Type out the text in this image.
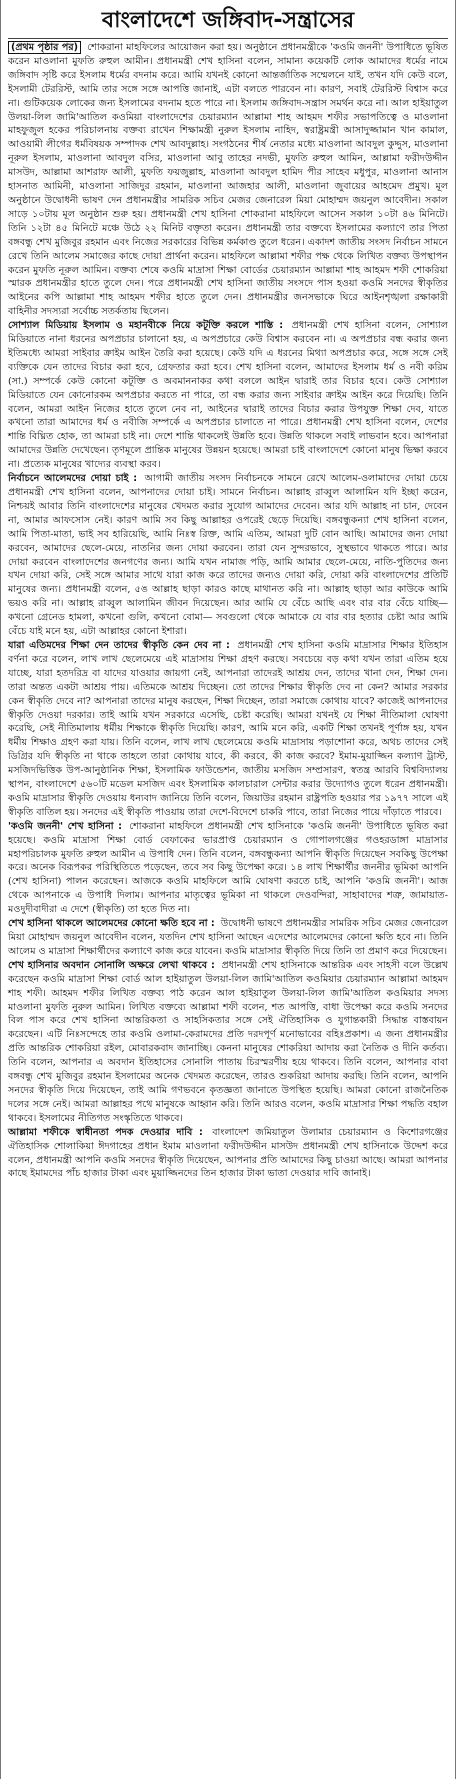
বাংলাদেশে জঙ্গিবাদ-সন্ত্রাসের

(প্রথম পৃষ্ঠার পর) শোকরানা মাহফিলের আয়োজন করা হয়। অনুষ্ঠানে প্রধানমন্ত্রীকে 'কওমি জননী' উপাধিতে ভূষিত করেন মাওলানা মুফতি রুহুল আমীন। প্রধানমন্ত্রী শেখ হাসিনা বলেন, সামান্য কয়েকটি লোক আমাদের ধর্মের নামে জঙ্গিবাদ সৃষ্টি করে ইসলাম ধর্মের বদনাম করে। আমি যখনই কোনো আন্তর্জাতিক সম্মেলনে যাই, তখন যদি কেউ বলে, ইসলামী টেররিস্ট, আমি তার সঙ্গে সঙ্গে আপত্তি জানাই, এটা বলতে পারবেন না। কারণ, সবাই টেররিস্ট বিশ্বাস করে না। গুটিকয়েক লোকের জন্য ইসলামের বদনাম হতে পারে না। ইসলাম জঙ্গিবাদ-সন্ত্রাস সমর্থন করে না। আল হাইয়াতুল উলয়া-লিল জামি'আতিল কওমিয়া বাংলাদেশের চেয়ারম্যান আল্লামা শাহ আহমদ শফীর সভাপতিত্বে ও মাওলানা মাহফুজুল হকের পরিচালনায় বক্তব্য রাখেন শিক্ষামন্ত্রী নুরুল ইসলাম নাহিদ, স্বরাষ্ট্রমন্ত্রী আসাদুজ্জামান খান কামাল, আওয়ামী লীগের ধর্মবিষয়ক সম্পাদক শেখ আবদুল্লাহ। সংগঠনের শীর্ষ নেতার মধ্যে মাওলানা আবদুল কুদ্দুস, মাওলানা নূরুল ইসলাম, মাওলানা আবদুল বসির, মাওলানা আবু তাহের নদভী, মুফতি রুহুল আমিন, আল্লামা ফরীদউদ্দীন মাসউদ, আল্লামা আশরাফ আলী, মুফতি ফয়জুল্লাহ, মাওলানা আবদুল হামিদ পীর সাহেব মধুপুর, মাওলানা আনাস হাসনাত আমিনী, মাওলানা সাজিদুর রহমান, মাওলানা আজহার আলী, মাওলানা জুবায়ের আহমেদ প্রমুখ। মূল অনুষ্ঠানে উদ্বোধনী ভাষণ দেন প্রধানমন্ত্রীর সামরিক সচিব মেজর জেনারেল মিয়া মোহাম্মদ জয়নুল আবেদীন। সকাল সাড়ে ১০টায় মূল অনুষ্ঠান শুরু হয়। প্রধানমন্ত্রী শেখ হাসিনা শোকরানা মাহফিলে আসেন সকাল ১০টা ৪৬ মিনিটে। তিনি ১২টা ৪৫ মিনিটে মঞ্চে উঠে ২২ মিনিট বক্তৃতা করেন। প্রধানমন্ত্রী তার বক্তব্যে ইসলামের কল্যাণে তার পিতা বঙ্গবন্ধু শেখ মুজিবুর রহমান এবং নিজের সরকারের বিভিন্ন কর্মকাণ্ড তুলে ধরেন। একাদশ জাতীয় সংসদ নির্বাচন সামনে রেখে তিনি আলেম সমাজের কাছে দোয়া প্রার্থনা করেন। মাহফিলে আল্লামা শফীর পক্ষ থেকে লিখিত বক্তব্য উপস্থাপন করেন মুফতি নূরুল আমিন। বক্তব্য শেষে কওমি মাদ্রাসা শিক্ষা বোর্ডের চেয়ারম্যান আল্লামা শাহ আহমদ শফী শোকরিয়া স্মারক প্রধানমন্ত্রীর হাতে তুলে দেন। পরে প্রধানমন্ত্রী শেখ হাসিনা জাতীয় সংসদে পাস হওয়া কওমি সনদের স্বীকৃতির আইনের কপি আল্লামা শাহ আহমদ শফীর হাতে তুলে দেন। প্রধানমন্ত্রীর জনসভাকে ঘিরে আইনশৃঙ্খলা রক্ষাকারী বাহিনীর সদস্যরা সর্বোচ্চ সতর্কতায় ছিলেন।

সোশ্যাল মিডিয়ায় ইসলাম ও মহানবীকে নিয়ে কটূক্তি করলে শাস্তি : প্রধানমন্ত্রী শেখ হাসিনা বলেন, সোশ্যাল মিডিয়াতে নানা ধরনের অপপ্রচার চালানো হয়, এ অপপ্রচারে কেউ বিশ্বাস করবেন না। এ অপপ্রচার বন্ধ করার জন্য ইতিমধ্যে আমরা সাইবার ক্রাইম আইন তৈরি করা হয়েছে। কেউ যদি এ ধরনের মিথ্যা অপপ্রচার করে, সঙ্গে সঙ্গে সেই ব্যক্তিকে যেন তাদের বিচার করা হবে, গ্রেফতার করা হবে। শেখ হাসিনা বলেন, আমাদের ইসলাম ধর্ম ও নবী করিম (সা.) সম্পর্কে কেউ কোনো কটূক্তি ও অবমাননাকর কথা বললে আইন দ্বারাই তার বিচার হবে। কেউ সোশ্যাল মিডিয়াতে যেন কোনোরকম অপপ্রচার করতে না পারে, তা বন্ধ করার জন্য সাইবার ক্রাইম আইন করে দিয়েছি। তিনি বলেন, আমরা আইন নিজের হাতে তুলে নেব না, আইনের দ্বারাই তাদের বিচার করার উপযুক্ত শিক্ষা দেব, যাতে কখনো তারা আমাদের ধর্ম ও নবীজি সম্পর্কে এ অপপ্রচার চালাতে না পারে। প্রধানমন্ত্রী শেখ হাসিনা বলেন, দেশের শান্তি বিঘ্নিত হোক, তা আমরা চাই না। দেশে শান্তি থাকলেই উন্নতি হবে। উন্নতি থাকলে সবাই লাভবান হবে। আপনারা আমাদের উন্নতি দেখেছেন। তৃণমূলে প্রান্তিক মানুষের উন্নয়ন হয়েছে। আমরা চাই বাংলাদেশে কোনো মানুষ ভিক্ষা করবে না। প্রত্যেক মানুষের খাদ্যের ব্যবস্থা করব।

নির্বাচনে আলেমদের দোয়া চাই : আগামী জাতীয় সংসদ নির্বাচনকে সামনে রেখে আলেম-ওলামাদের দোয়া চেয়ে প্রধানমন্ত্রী শেখ হাসিনা বলেন, আপনাদের দোয়া চাই। সামনে নির্বাচন। আল্লাহ রাব্বুল আলামিন যদি ইচ্ছা করেন, নিশ্চয়ই আবার তিনি বাংলাদেশের মানুষের খেদমত করার সুযোগ আমাদের দেবেন। আর যদি আল্লাহ না চান, দেবেন না, আমার আফসোস নেই। কারণ আমি সব কিছু আল্লাহর ওপরেই ছেড়ে দিয়েছি। বঙ্গবন্ধুকন্যা শেখ হাসিনা বলেন, আমি পিতা-মাতা, ভাই সব হারিয়েছি, আমি নিঃস্ব রিক্ত, আমি এতিম, আমরা দুটি বোন আছি। আমাদের জন্য দোয়া করবেন, আমাদের ছেলে-মেয়ে, নাতনির জন্য দোয়া করবেন। তারা যেন সুন্দরভাবে, সুস্থভাবে থাকতে পারে। আর দোয়া করবেন বাংলাদেশের জনগণের জন্য। আমি যখন নামাজ পড়ি, আমি আমার ছেলে-মেয়ে, নাতি-পুতিদের জন্য যখন দোয়া করি, সেই সঙ্গে আমার সাথে যারা কাজ করে তাদের জন্যও দোয়া করি, দোয়া করি বাংলাদেশের প্রতিটি মানুষের জন্য। প্রধানমন্ত্রী বলেন, ৫ঙ আল্লাহ ছাড়া কারও কাছে মাথানত করি না। আল্লাহ ছাড়া আর কাউকে আমি ভয়ও করি না। আল্লাহ রাব্বুল আলামিন জীবন দিয়েছেন। আর আমি যে বেঁচে আছি এবং বার বার বেঁচে যাচ্ছি— কখনো গ্রেনেড হামলা, কখনো গুলি, কখনো বোমা— সবগুলো থেকে আমাকে যে বার বার হত্যার চেষ্টা আর আমি বেঁচে যাই মনে হয়, এটা আল্লাহর কোনো ইশারা।

যারা এতিমদের শিক্ষা দেন তাদের স্বীকৃতি কেন দেব না : প্রধানমন্ত্রী শেখ হাসিনা কওমি মাদ্রাসার শিক্ষার ইতিহাস বর্ণনা করে বলেন, লাখ লাখ ছেলেমেয়ে এই মাদ্রাসায় শিক্ষা গ্রহণ করছে। সবচেয়ে বড় কথা যখন তারা এতিম হয়ে যাচ্ছে, যারা হতদরিদ্র বা যাদের যাওয়ার জায়গা নেই, আপনারা তাদেরই আশ্রয় দেন, তাদের খানা দেন, শিক্ষা দেন। তারা অন্তত একটা আশ্রয় পায়। এতিমকে আশ্রয় দিচ্ছেন। তো তাদের শিক্ষার স্বীকৃতি দেব না কেন? আমার সরকার কেন স্বীকৃতি দেবে না? আপনারা তাদের মানুষ করছেন, শিক্ষা দিচ্ছেন, তারা সমাজে কোথায় যাবে? কাজেই আপনাদের স্বীকৃতি দেওয়া দরকার। তাই আমি যখন সরকারে এসেছি, চেষ্টা করেছি। আমরা যখনই যে শিক্ষা নীতিমালা ঘোষণা করেছি, সেই নীতিমালায় ধর্মীয় শিক্ষাকে স্বীকৃতি দিয়েছি। কারণ, আমি মনে করি, একটি শিক্ষা তখনই পূর্ণাঙ্গ হয়, যখন ধর্মীয় শিক্ষাও গ্রহণ করা যায়। তিনি বলেন, লাখ লাখ ছেলেমেয়ে কওমি মাদ্রাসায় পড়াশোনা করে, অথচ তাদের সেই ডিগ্রির যদি স্বীকৃতি না থাকে তাহলে তারা কোথায় যাবে, কী করবে, কী কাজ করবে? ইমাম-মুয়াজ্জিন কল্যাণ ট্রাস্ট, মসজিদভিত্তিক উপ-আনুষ্ঠানিক শিক্ষা, ইসলামিক ফাউন্ডেশন, জাতীয় মসজিদ সম্প্রসারণ, স্বতন্ত্র আরবি বিশ্ববিদ্যালয় স্থাপন, বাংলাদেশে ৫৬০টি মডেল মসজিদ এবং ইসলামিক কালচারাল সেন্টার করার উদ্যোগও তুলে ধরেন প্রধানমন্ত্রী। কওমি মাদ্রাসার স্বীকৃতি দেওয়ায় ধন্যবাদ জানিয়ে তিনি বলেন, জিয়াউর রহমান রাষ্ট্রপতি হওয়ার পর ১৯৭৭ সালে এই স্বীকৃতি বাতিল হয়। সনদের এই স্বীকৃতি পাওয়ায় তারা দেশে-বিদেশে চাকরি পাবে, তারা নিজের পায়ে দাঁড়াতে পারবে।

'কওমি জননী' শেখ হাসিনা : শোকরানা মাহফিলে প্রধানমন্ত্রী শেখ হাসিনাকে 'কওমি জননী' উপাধিতে ভূষিত করা হয়েছে। কওমি মাদ্রাসা শিক্ষা বোর্ড বেফাকের ভারপ্রাপ্ত চেয়ারম্যান ও গোপালগঞ্জের গওহরডাঙ্গা মাদ্রাসার মহাপরিচালক মুফতি রুহুল আমীন এ উপাধি দেন। তিনি বলেন, বঙ্গবন্ধুকন্যা আপনি স্বীকৃতি দিয়েছেন সবকিছু উপেক্ষা করে। অনেক বিরূপকর পরিস্থিতিতে পড়েছেন, তবে সব কিছু উপেক্ষা করে। ১৪ লাখ শিক্ষার্থীর জননীর ভূমিকা আপনি (শেখ হাসিনা) পালন করেছেন। আজকে কওমি মাহফিলে আমি ঘোষণা করতে চাই, আপনি 'কওমি জননী'। আজ থেকে আপনাকে এ উপাধি দিলাম। আপনার মাতৃত্বের ভূমিকা না থাকলে দেওবন্দিরা, সাহাবাদের শত্রু, জামায়াত-মওদুদীবাদীরা এ দেশে (স্বীকৃতি) তা হতে দিত না।

শেখ হাসিনা থাকলে আলেমদের কোনো ক্ষতি হবে না : উদ্বোধনী ভাষণে প্রধানমন্ত্রীর সামরিক সচিব মেজর জেনারেল মিয়া মোহাম্মদ জয়নুল আবেদীন বলেন, যতদিন শেখ হাসিনা আছেন এদেশের আলেমদের কোনো ক্ষতি হবে না। তিনি আলেম ও মাদ্রাসা শিক্ষার্থীদের কল্যাণে কাজ করে যাবেন। কওমি মাদ্রাসার স্বীকৃতি দিয়ে তিনি তা প্রমাণ করে দিয়েছেন।

শেখ হাসিনার অবদান সোনালি অক্ষরে লেখা থাকবে : প্রধানমন্ত্রী শেখ হাসিনাকে আন্তরিক এবং সাহসী বলে উল্লেখ করেছেন কওমি মাদ্রাসা শিক্ষা বোর্ড আল হাইয়াতুল উলয়া-লিল জামি'আতিল কওমিয়ার চেয়ারম্যান আল্লামা আহমদ শাহ শফী। আহমদ শফীর লিখিত বক্তব্য পাঠ করেন আল হাইয়াতুল উলয়া-লিল জামি'আতিল কওমিয়ার সদস্য মাওলানা মুফতি নুরুল আমিন। লিখিত বক্তব্যে আল্লামা শফী বলেন, শত আপত্তি, বাধা উপেক্ষা করে কওমি সনদের বিল পাস করে শেখ হাসিনা আন্তরিকতা ও সাহসিকতার সঙ্গে সেই ঐতিহাসিক ও যুগান্তকারী সিদ্ধান্ত বাস্তবায়ন করেছেন। এটি নিঃসন্দেহে তার কওমি ওলামা-কেরামদের প্রতি দরদপূর্ণ মনোভাবের বহিঃপ্রকাশ। এ জন্য প্রধানমন্ত্রীর প্রতি আন্তরিক শোকরিয়া রইল, মোবারকবাদ জানাচ্ছি। কেননা মানুষের শোকরিয়া আদায় করা নৈতিক ও দীনি কর্তব্য। তিনি বলেন, আপনার এ অবদান ইতিহাসের সোনালি পাতায় চিরস্মরণীয় হয়ে থাকবে। তিনি বলেন, আপনার বাবা বঙ্গবন্ধু শেখ মুজিবুর রহমান ইসলামের অনেক খেদমত করেছেন, তারও শুকরিয়া আদায় করছি। তিনি বলেন, আপনি সনদের স্বীকৃতি দিয়ে দিয়েছেন, তাই আমি গণভবনে কৃতজ্ঞতা জানাতে উপস্থিত হয়েছি। আমরা কোনো রাজনৈতিক দলের সঙ্গে নেই। আমরা আল্লাহর পথে মানুষকে আহ্বান করি। তিনি আরও বলেন, কওমি মাদ্রাসার শিক্ষা পদ্ধতি বহাল থাকবে। ইসলামের নীতিগত সংস্কৃতিতে থাকবে।

আল্লামা শফীকে স্বাধীনতা পদক দেওয়ার দাবি : বাংলাদেশ জমিয়াতুল উলামার চেয়ারম্যান ও কিশোরগঞ্জের ঐতিহাসিক শোলাকিয়া ঈদগাহের প্রধান ইমাম মাওলানা ফরীদউদ্দীন মাসউদ প্রধানমন্ত্রী শেখ হাসিনাকে উদ্দেশ করে বলেন, প্রধানমন্ত্রী আপনি কওমি সনদের স্বীকৃতি দিয়েছেন, আপনার প্রতি আমাদের কিছু চাওয়া আছে। আমরা আপনার কাছে ইমামদের পাঁচ হাজার টাকা এবং মুয়াজ্জিনদের তিন হাজার টাকা ভাতা দেওয়ার দাবি জানাই।
